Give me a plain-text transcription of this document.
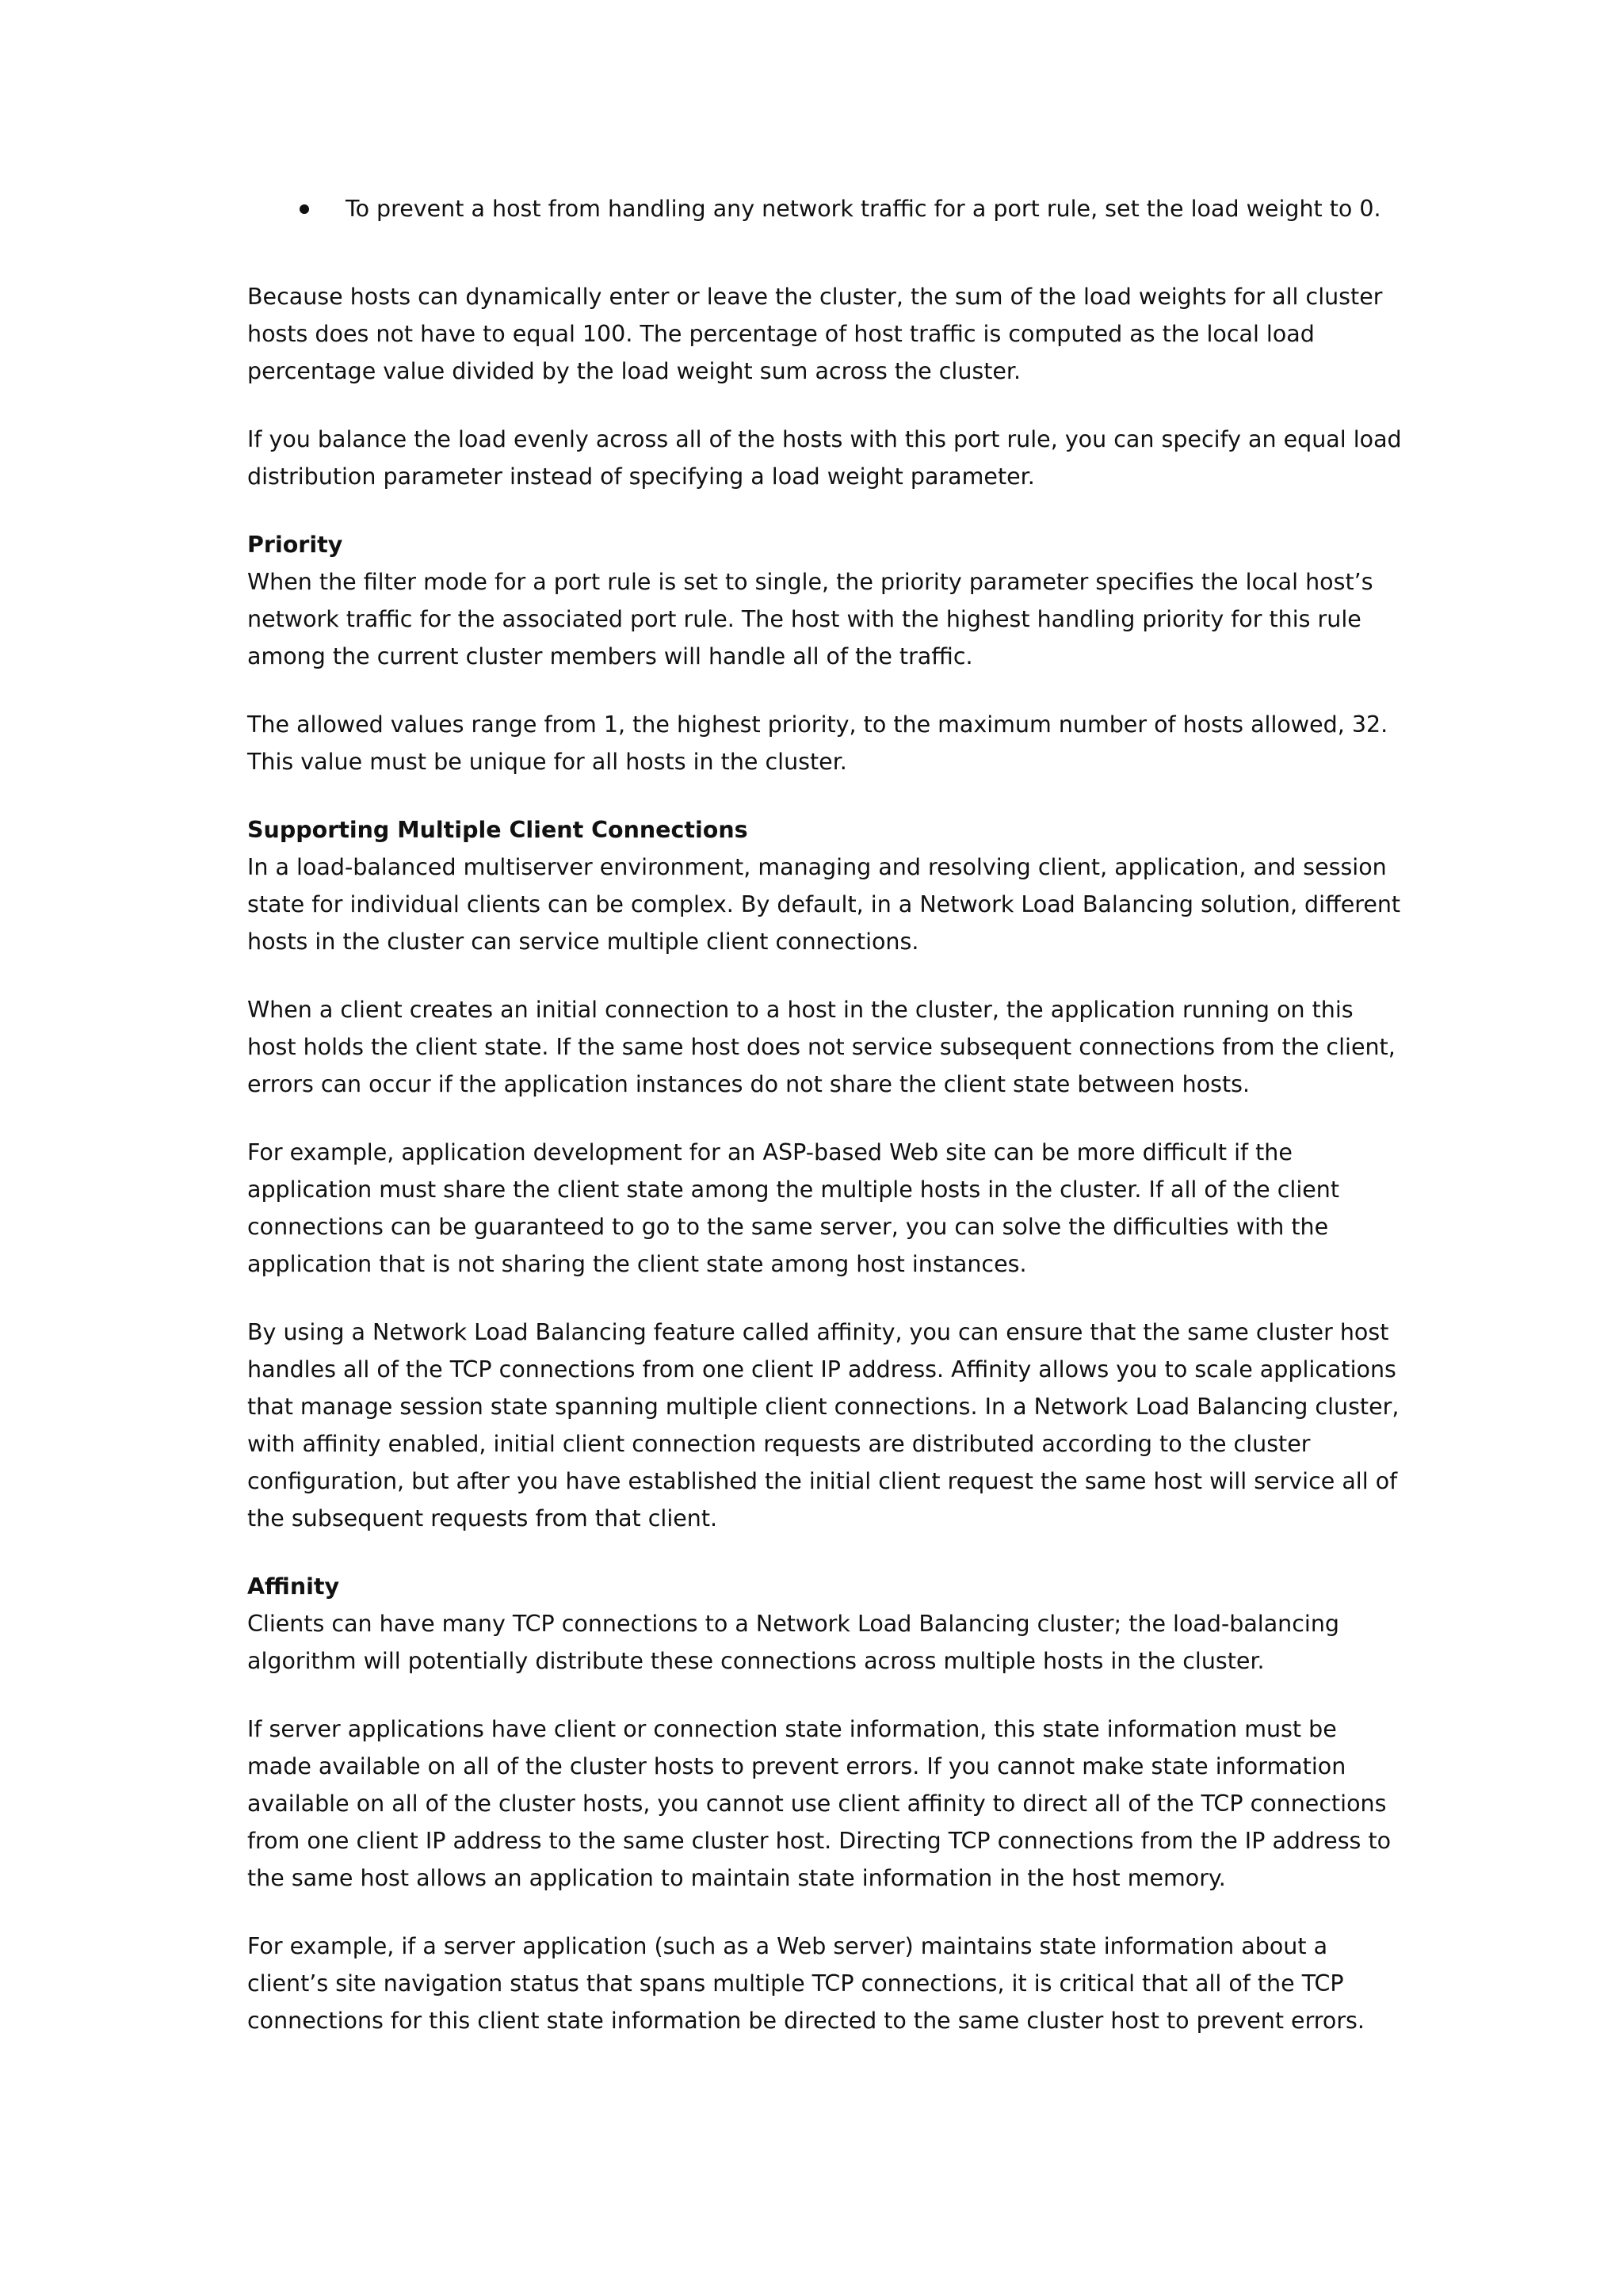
To prevent a host from handling any network traffic for a port rule, set the load weight to 0.

Because hosts can dynamically enter or leave the cluster, the sum of the load weights for all cluster hosts does not have to equal 100. The percentage of host traffic is computed as the local load percentage value divided by the load weight sum across the cluster.

If you balance the load evenly across all of the hosts with this port rule, you can specify an equal load distribution parameter instead of specifying a load weight parameter.

Priority
When the filter mode for a port rule is set to single, the priority parameter specifies the local host’s network traffic for the associated port rule. The host with the highest handling priority for this rule among the current cluster members will handle all of the traffic.

The allowed values range from 1, the highest priority, to the maximum number of hosts allowed, 32. This value must be unique for all hosts in the cluster.

Supporting Multiple Client Connections
In a load-balanced multiserver environment, managing and resolving client, application, and session state for individual clients can be complex. By default, in a Network Load Balancing solution, different hosts in the cluster can service multiple client connections.

When a client creates an initial connection to a host in the cluster, the application running on this host holds the client state. If the same host does not service subsequent connections from the client, errors can occur if the application instances do not share the client state between hosts.

For example, application development for an ASP-based Web site can be more difficult if the application must share the client state among the multiple hosts in the cluster. If all of the client connections can be guaranteed to go to the same server, you can solve the difficulties with the application that is not sharing the client state among host instances.

By using a Network Load Balancing feature called affinity, you can ensure that the same cluster host handles all of the TCP connections from one client IP address. Affinity allows you to scale applications that manage session state spanning multiple client connections. In a Network Load Balancing cluster, with affinity enabled, initial client connection requests are distributed according to the cluster configuration, but after you have established the initial client request the same host will service all of the subsequent requests from that client.

Affinity
Clients can have many TCP connections to a Network Load Balancing cluster; the load-balancing algorithm will potentially distribute these connections across multiple hosts in the cluster.

If server applications have client or connection state information, this state information must be made available on all of the cluster hosts to prevent errors. If you cannot make state information available on all of the cluster hosts, you cannot use client affinity to direct all of the TCP connections from one client IP address to the same cluster host. Directing TCP connections from the IP address to the same host allows an application to maintain state information in the host memory.

For example, if a server application (such as a Web server) maintains state information about a client’s site navigation status that spans multiple TCP connections, it is critical that all of the TCP connections for this client state information be directed to the same cluster host to prevent errors.
